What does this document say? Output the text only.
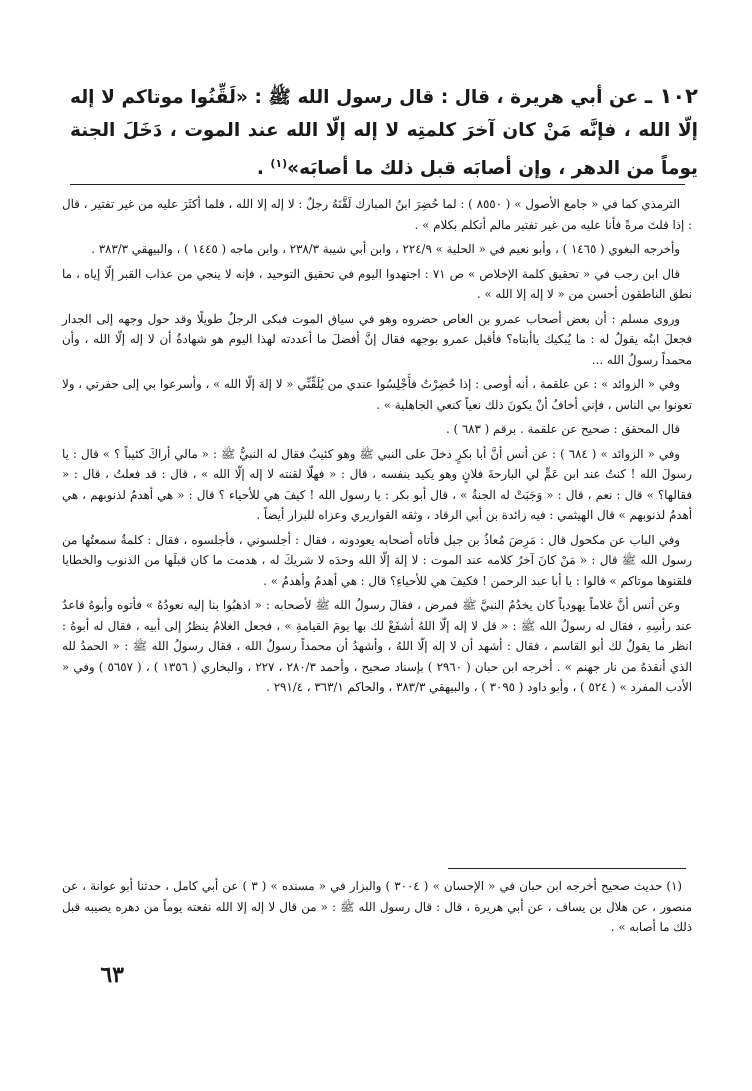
١٠٢ ـ عن أبي هريرة ، قال : قال رسول الله ﷺ : «لَقِّنُوا موتاكم لا إله إلّا الله ، فإنَّه مَنْ كان آخرَ كلمتِه لا إله إلّا الله عند الموت ، دَخَلَ الجنة يوماً من الدهر ، وإن أصابَه قبل ذلك ما أصابَه»$^{(١)}$ .

الترمذي كما في « جامع الأصول » ( ٨٥٥٠ ) : لما حُضِرَ ابنُ المبارك لَقَّنَهُ رجلٌ : لا إله إلا الله ، فلما أكثَرَ عليه من غير تفتير ، قال : إذا قلتَ مرةً فأنا عليه من غير تفتير مالم أتكلم بكلام » .

وأخرجه البغوي ( ١٤٦٥ ) ، وأبو نعيم في « الحلية » ٢٢٤/٩ ، وابن أبي شيبة ٢٣٨/٣ ، وابن ماجه ( ١٤٤٥ ) ، والبيهقي ٣٨٣/٣ .

قال ابن رجب في « تحقيق كلمة الإخلاص » ص ٧١ : اجتهدوا اليوم في تحقيق التوحيد ، فإنه لا ينجي من عذاب القبر إلّا إياه ، ما نطق الناطقون أحسن من « لا إله إلا الله » .

وروى مسلم : أن بعض أصحاب عمرو بن العاص حضروه وهو في سياق الموت فبكى الرجلُ طويلًا وقد حول وجهه إلى الجدار فجعلَ ابنُه يقولُ له : ما يُبكيك ياأبتاه؟ فأقبل عمرو بوجهه فقال إنَّ أفضلَ ما أعددته لهذا اليوم هو شهادةُ أن لا إله إلّا الله ، وأن محمداً رسولُ الله ...

وفي « الزوائد » : عن علقمة ، أنه أوصى : إذا حُضِرْتُ فأَجْلِسُوا عندي من يُلَقِّنِّي « لا إلهَ إلّا الله » ، وأسرعوا بي إلى حفرتي ، ولا تعونوا بي الناس ، فإني أخافُ أنْ يكونَ ذلك نعياً كنعي الجاهلية » .

قال المحقق : صحيح عن علقمة . برقم ( ٦٨٣ ) .

وفي « الزوائد » ( ٦٨٤ ) : عن أنس أنَّ أبا بكرٍ دخلَ على النبي ﷺ وهو كئيبٌ فقال له النبيُّ ﷺ : « مالي أراكَ كئيباً ؟ » قال : يا رسولَ الله ! كنتُ عند ابن عَمٍّ لي البارحةَ فلانٍ وهو يكيد بنفسه ، قال : « فهلّا لقنته لا إله إلّا الله » ، قال : قد فعلتُ ، قال : « فقالها؟ » قال : نعم ، قال : « وَجَبَتْ له الجنةُ » ، قال أبو بكر : يا رسول الله ! كيفَ هي للأحياء ؟ قال : « هي أهدمُ لذنوبهم ، هي أهدمُ لذنوبهم » قال الهيثمي : فيه زائدة بن أبي الرقاد ، وثقه القواريري وعزاه للبزار أيضاً .

وفي الباب عن مكحول قال : مَرِضَ مُعاذُ بن جبل فأتاه أصحابه يعودونه ، فقال : أجلسوني ، فأجلسوه ، فقال : كلمةٌ سمعتُها من رسول الله ﷺ قال : « مَنْ كانَ آخرُ كلامه عند الموت : لا إلهَ إلّا الله وحدَه لا شريكَ له ، هدمت ما كان قبلَها من الذنوب والخطايا فلقنوها موتاكم » قالوا : يا أبا عبد الرحمن ! فكيفَ هي للأحياءِ؟ قال : هي أهدمُ وأهدمُ » .

وعن أنس أنَّ غلاماً يهودياً كان يخدُمُ النبيَّ ﷺ فمرض ، فقالَ رسولُ الله ﷺ لأصحابه : « اذهبُوا بنا إليه نعودُهُ » فأتوه وأبوهُ قاعدٌ عند رأسِهِ ، فقال له رسولُ الله ﷺ : « قل لا إله إلّا اللهُ أشفَعْ لك بها يومَ القيامةِ » ، فجعل الغلامُ ينظرُ إلى أبيه ، فقال له أبوهُ : انظر ما يقولُ لك أبو القاسم ، فقال : أشهد أن لا إله إلّا اللهُ ، وأشهدُ أن محمداً رسولُ الله ، فقال رسولُ الله ﷺ : « الحمدُ لله الذي أنقذهُ من نار جهنم » . أخرجه ابن حبان ( ٢٩٦٠ ) بإسناد صحيح ، وأحمد ٢٨٠/٣ ، ٢٢٧ ، والبخاري ( ١٣٥٦ ) ، ( ٥٦٥٧ ) وفي « الأدب المفرد » ( ٥٢٤ ) ، وأبو داود ( ٣٠٩٥ ) ، والبيهقي ٣٨٣/٣ ، والحاكم ٣٦٣/١ ، ٢٩١/٤ .

(١) حديث صحيح أخرجه ابن حبان في « الإحسان » ( ٣٠٠٤ ) والبزار في « مسنده » ( ٣ ) عن أبي كامل ، حدثنا أبو عوانة ، عن منصور ، عن هلال بن يساف ، عن أبي هريرة ، قال : قال رسول الله ﷺ : « من قال لا إله إلا الله نفعته يوماً من دهره يصيبه قبل ذلك ما أصابه » .

٦٣
